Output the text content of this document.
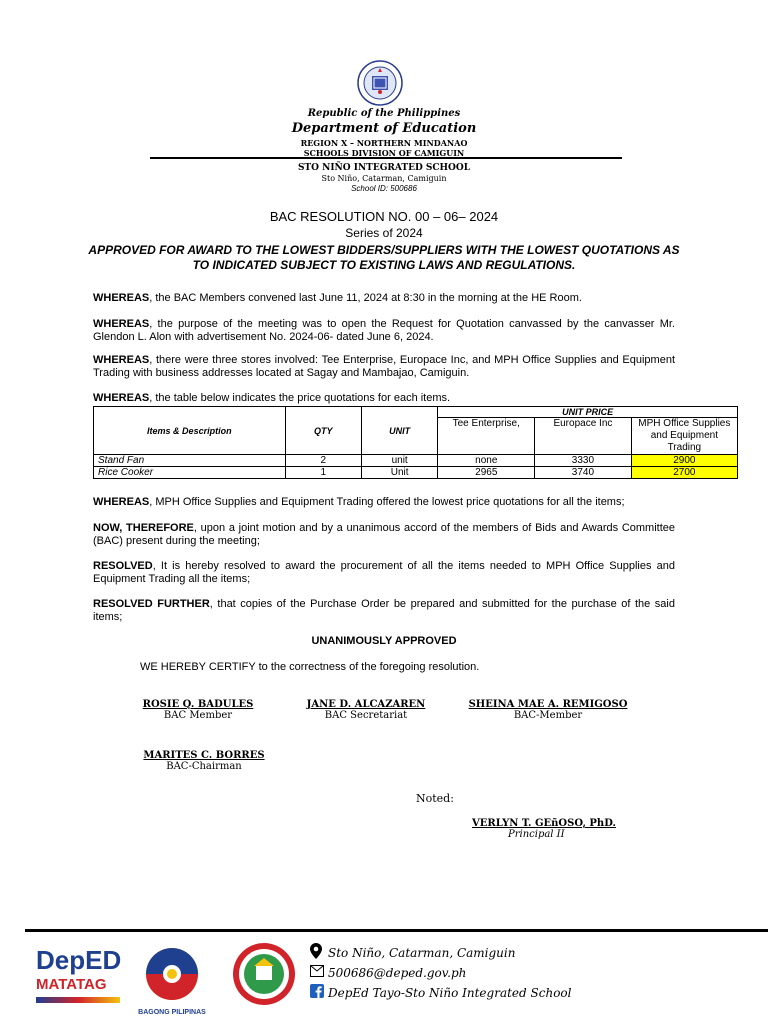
Republic of the Philippines
Department of Education
REGION X – NORTHERN MINDANAO
SCHOOLS DIVISION OF CAMIGUIN
STO NIÑO INTEGRATED SCHOOL
Sto Niño, Catarman, Camiguin
School ID: 500686
BAC RESOLUTION NO. 00 – 06– 2024
Series of 2024
APPROVED FOR AWARD TO THE LOWEST BIDDERS/SUPPLIERS WITH THE LOWEST QUOTATIONS AS
TO INDICATED SUBJECT TO EXISTING LAWS AND REGULATIONS.
WHEREAS, the BAC Members convened last June 11, 2024 at 8:30 in the morning at the HE Room.
WHEREAS, the purpose of the meeting was to open the Request for Quotation canvassed by the canvasser Mr. Glendon L. Alon with advertisement No. 2024-06- dated June 6, 2024.
WHEREAS, there were three stores involved: Tee Enterprise, Europace Inc, and MPH Office Supplies and Equipment Trading with business addresses located at Sagay and Mambajao, Camiguin.
WHEREAS, the table below indicates the price quotations for each items.
Items & Description	QTY	UNIT	UNIT PRICE		
			Tee Enterprise,	Europace Inc	MPH Office Supplies and Equipment Trading
Stand Fan	2	unit	none	3330	2900
Rice Cooker	1	Unit	2965	3740	2700
WHEREAS, MPH Office Supplies and Equipment Trading offered the lowest price quotations for all the items;
NOW, THEREFORE, upon a joint motion and by a unanimous accord of the members of Bids and Awards Committee (BAC) present during the meeting;
RESOLVED, It is hereby resolved to award the procurement of all the items needed to MPH Office Supplies and Equipment Trading all the items;
RESOLVED FURTHER, that copies of the Purchase Order be prepared and submitted for the purchase of the said items;
UNANIMOUSLY APPROVED
WE HEREBY CERTIFY to the correctness of the foregoing resolution.
ROSIE Q. BADULES
BAC Member
JANE D. ALCAZAREN
BAC Secretariat
SHEINA MAE A. REMIGOSO
BAC-Member
MARITES C. BORRES
BAC-Chairman
Noted:
VERLYN T. GEñOSO, PhD.
Principal II
DepED
MATATAG
BAGONG PILIPINAS
Sto Niño, Catarman, Camiguin
500686@deped.gov.ph
DepEd Tayo-Sto Niño Integrated School
